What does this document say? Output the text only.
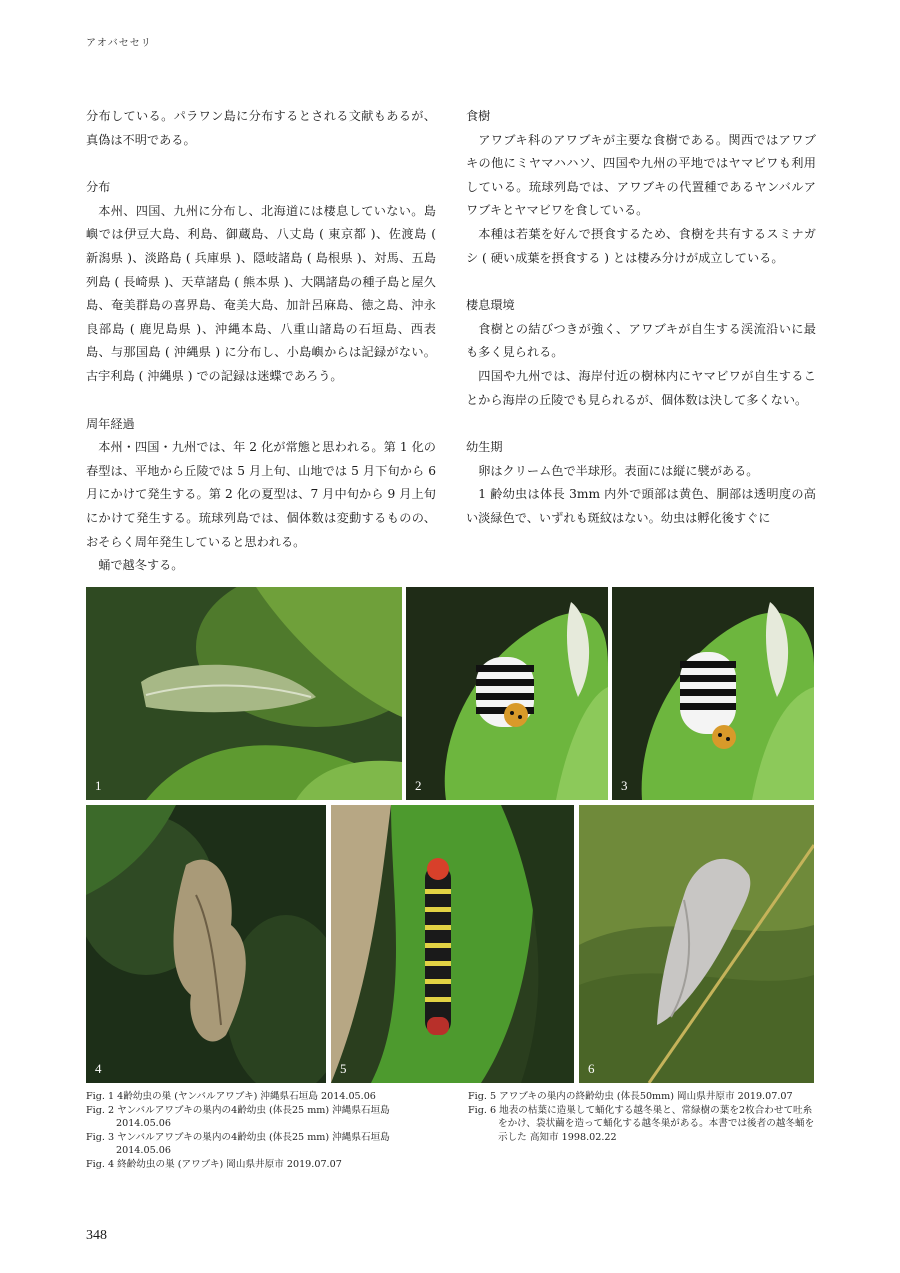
アオバセセリ

分布している。パラワン島に分布するとされる文献もあるが、真偽は不明である。

分布

本州、四国、九州に分布し、北海道には棲息していない。島嶼では伊豆大島、利島、御蔵島、八丈島 ( 東京都 )、佐渡島 ( 新潟県 )、淡路島 ( 兵庫県 )、隠岐諸島 ( 島根県 )、対馬、五島列島 ( 長崎県 )、天草諸島 ( 熊本県 )、大隅諸島の種子島と屋久島、奄美群島の喜界島、奄美大島、加計呂麻島、徳之島、沖永良部島 ( 鹿児島県 )、沖縄本島、八重山諸島の石垣島、西表島、与那国島 ( 沖縄県 ) に分布し、小島嶼からは記録がない。古宇利島 ( 沖縄県 ) での記録は迷蝶であろう。

周年経過

本州・四国・九州では、年 2 化が常態と思われる。第 1 化の春型は、平地から丘陵では 5 月上旬、山地では 5 月下旬から 6 月にかけて発生する。第 2 化の夏型は、7 月中旬から 9 月上旬にかけて発生する。琉球列島では、個体数は変動するものの、おそらく周年発生していると思われる。

蛹で越冬する。

食樹

アワブキ科のアワブキが主要な食樹である。関西ではアワブキの他にミヤマハハソ、四国や九州の平地ではヤマビワも利用している。琉球列島では、アワブキの代置種であるヤンバルアワブキとヤマビワを食している。

本種は若葉を好んで摂食するため、食樹を共有するスミナガシ ( 硬い成葉を摂食する ) とは棲み分けが成立している。

棲息環境

食樹との結びつきが強く、アワブキが自生する渓流沿いに最も多く見られる。

四国や九州では、海岸付近の樹林内にヤマビワが自生することから海岸の丘陵でも見られるが、個体数は決して多くない。

幼生期

卵はクリーム色で半球形。表面には縦に襞がある。

1 齢幼虫は体長 3mm 内外で頭部は黄色、胴部は透明度の高い淡緑色で、いずれも斑紋はない。幼虫は孵化後すぐに

1	2	3
4	5	6

Fig. 1 4齢幼虫の巣 (ヤンバルアワブキ) 沖縄県石垣島 2014.05.06

Fig. 2 ヤンバルアワブキの巣内の4齢幼虫 (体長25 mm) 沖縄県石垣島 2014.05.06

Fig. 3 ヤンバルアワブキの巣内の4齢幼虫 (体長25 mm) 沖縄県石垣島 2014.05.06

Fig. 4 終齢幼虫の巣 (アワブキ) 岡山県井原市 2019.07.07

Fig. 5 アワブキの巣内の終齢幼虫 (体長50mm) 岡山県井原市 2019.07.07

Fig. 6 地表の枯葉に造巣して蛹化する越冬巣と、常緑樹の葉を2枚合わせて吐糸をかけ、袋状繭を造って蛹化する越冬巣がある。本書では後者の越冬蛹を示した 高知市 1998.02.22

348
